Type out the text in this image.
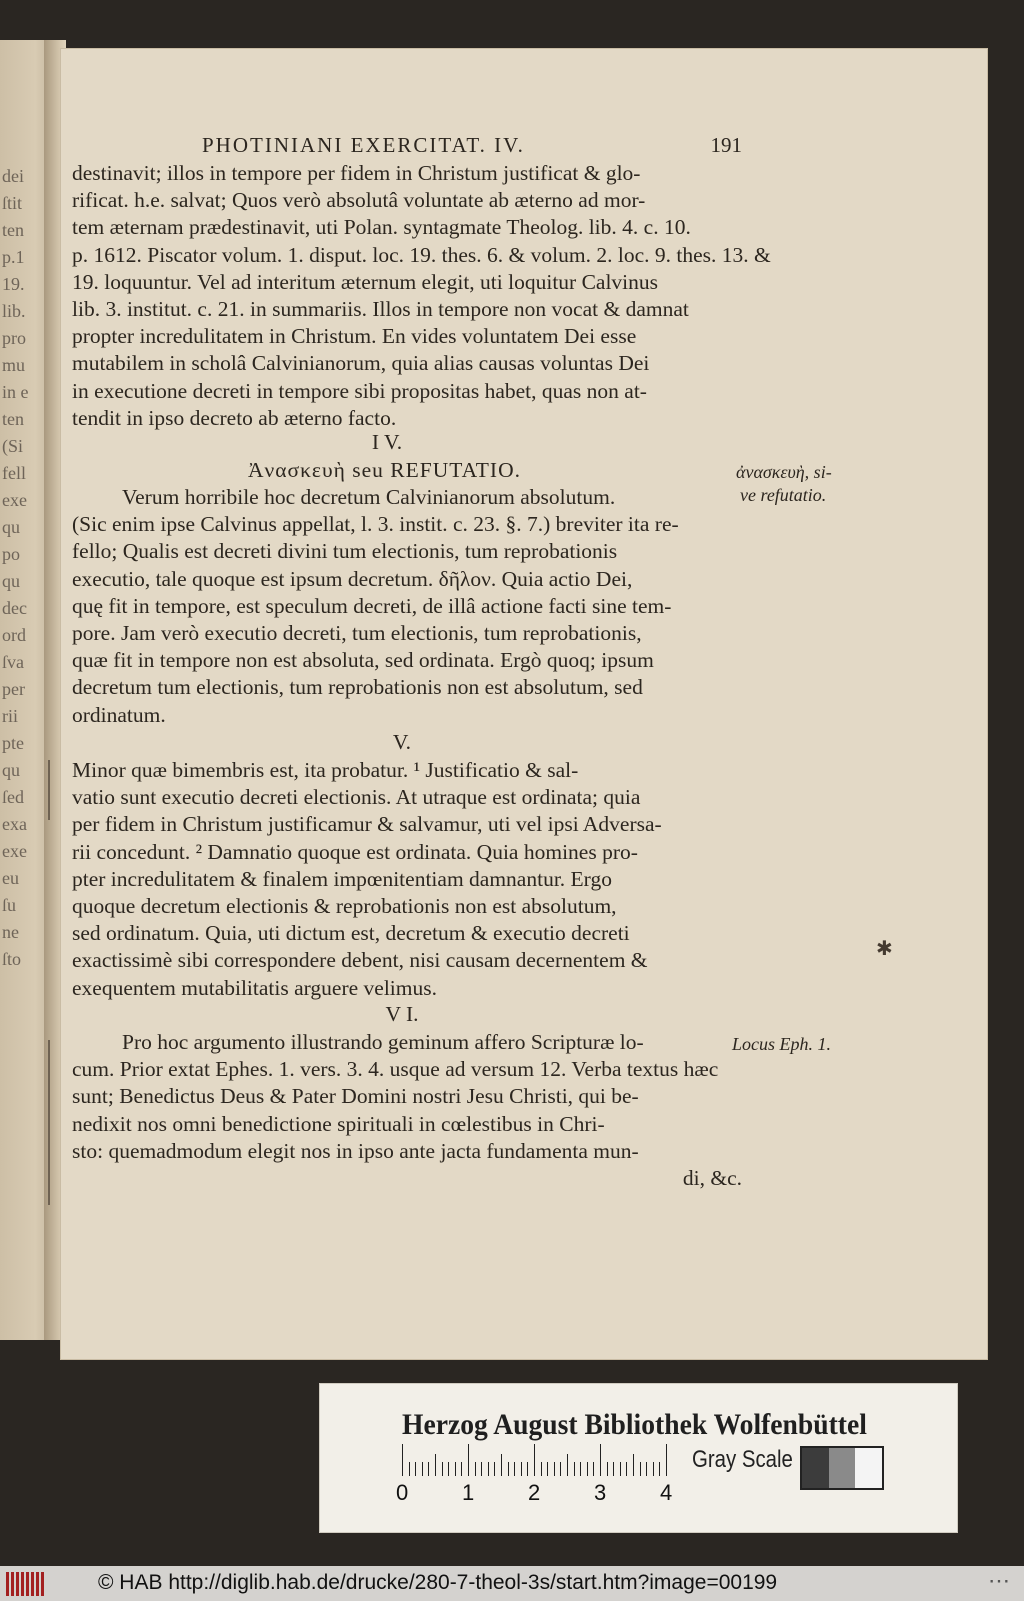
dei
ſtit
ten
p.1
19.
lib.
pro
mu
in e
ten
(Si
fell
exe
qu
po
qu
dec
ord
ſva
per
rii
pte
qu
ſed
exa
exe
eu
ſu
ne
ſto
PHOTINIANI EXERCITAT. IV.	191
destinavit; illos in tempore per fidem in Christum justificat & glo-
rificat. h.e. salvat; Quos verò absolutâ voluntate ab æterno ad mor-
tem æternam prædestinavit, uti Polan. syntagmate Theolog. lib. 4. c. 10.
p. 1612. Piscator volum. 1. disput. loc. 19. thes. 6. & volum. 2. loc. 9. thes. 13. &
19. loquuntur. Vel ad interitum æternum elegit, uti loquitur Calvinus
lib. 3. institut. c. 21. in summariis. Illos in tempore non vocat & damnat
propter incredulitatem in Christum. En vides voluntatem Dei esse
mutabilem in scholâ Calvinianorum, quia alias causas voluntas Dei
in executione decreti in tempore sibi propositas habet, quas non at-
tendit in ipso decreto ab æterno facto.
I V.
Ἀνασκευὴ seu REFUTATIO.	ἀνασκευὴ, si-
ve refutatio.
Verum horribile hoc decretum Calvinianorum absolutum.
(Sic enim ipse Calvinus appellat, l. 3. instit. c. 23. §. 7.) breviter ita re-
fello; Qualis est decreti divini tum electionis, tum reprobationis
executio, tale quoque est ipsum decretum. δῆλον. Quia actio Dei,
quę fit in tempore, est speculum decreti, de illâ actione facti sine tem-
pore. Jam verò executio decreti, tum electionis, tum reprobationis,
quæ fit in tempore non est absoluta, sed ordinata. Ergò quoq; ipsum
decretum tum electionis, tum reprobationis non est absolutum, sed
ordinatum.
V.
Minor quæ bimembris est, ita probatur. ¹ Justificatio & sal-
vatio sunt executio decreti electionis. At utraque est ordinata; quia
per fidem in Christum justificamur & salvamur, uti vel ipsi Adversa-
rii concedunt. ² Damnatio quoque est ordinata. Quia homines pro-
pter incredulitatem & finalem impœnitentiam damnantur. Ergo
quoque decretum electionis & reprobationis non est absolutum,
sed ordinatum. Quia, uti dictum est, decretum & executio decreti
exactissimè sibi correspondere debent, nisi causam decernentem &
exequentem mutabilitatis arguere velimus.
V I.
Locus Eph. 1.
Pro hoc argumento illustrando geminum affero Scripturæ lo-
cum. Prior extat Ephes. 1. vers. 3. 4. usque ad versum 12. Verba textus hæc
sunt; Benedictus Deus & Pater Domini nostri Jesu Christi, qui be-
nedixit nos omni benedictione spirituali in cœlestibus in Chri-
sto: quemadmodum elegit nos in ipso ante jacta fundamenta mun-
di, &c.
✱
Herzog August Bibliothek Wolfenbüttel
0 1 2 3 4
Gray Scale
© HAB http://diglib.hab.de/drucke/280-7-theol-3s/start.htm?image=00199	⋯
